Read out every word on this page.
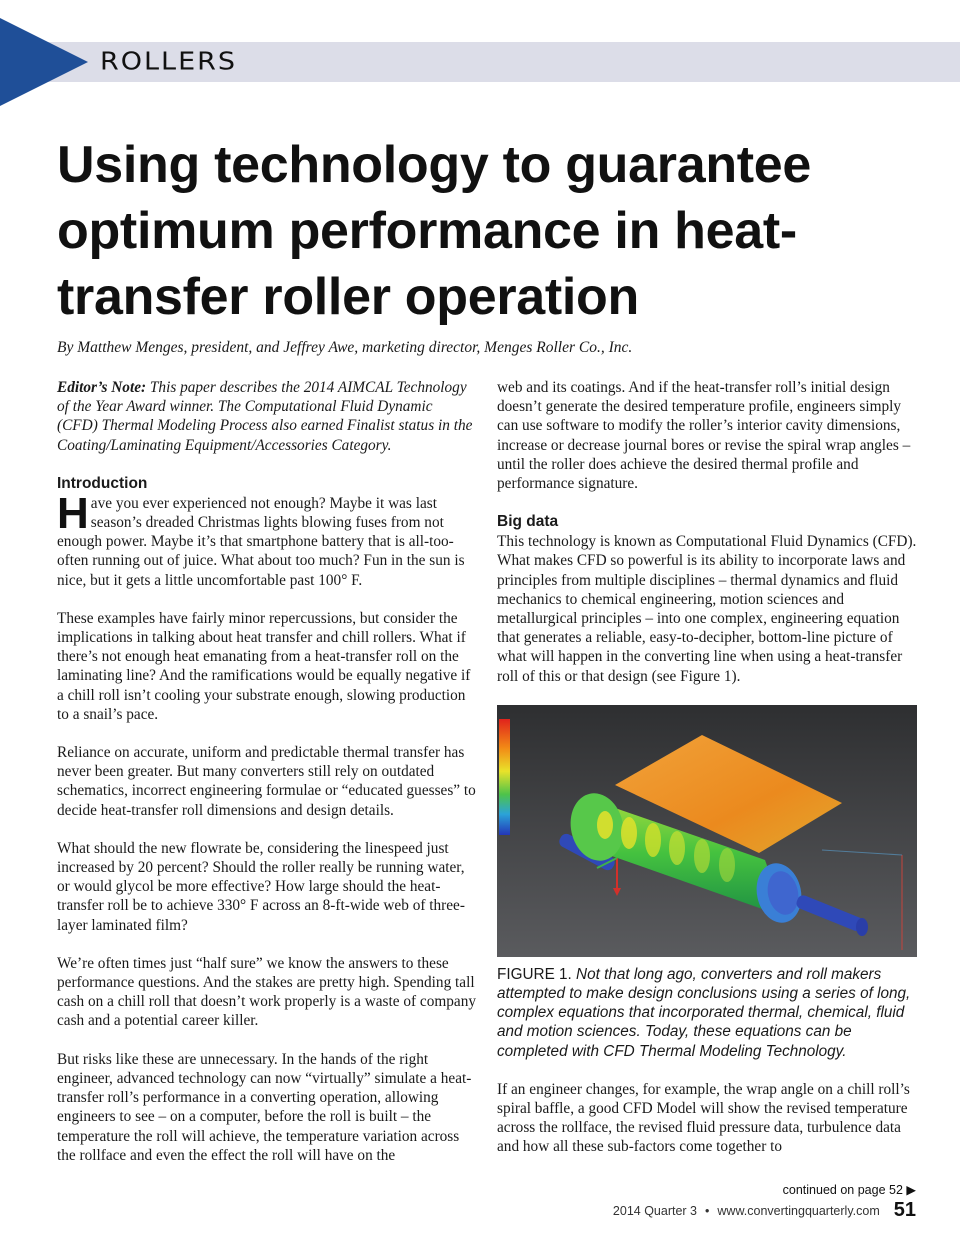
ROLLERS
Using technology to guarantee optimum performance in heat-transfer roller operation

By Matthew Menges, president, and Jeffrey Awe, marketing director, Menges Roller Co., Inc.

Editor’s Note: This paper describes the 2014 AIMCAL Technology of the Year Award winner. The Computational Fluid Dynamic (CFD) Thermal Modeling Process also earned Finalist status in the Coating/Laminating Equipment/Accessories Category.

Introduction

Have you ever experienced not enough? Maybe it was last season’s dreaded Christmas lights blowing fuses from not enough power. Maybe it’s that smartphone battery that is all-too-often running out of juice. What about too much? Fun in the sun is nice, but it gets a little uncomfortable past 100° F.

These examples have fairly minor repercussions, but consider the implications in talking about heat transfer and chill rollers. What if there’s not enough heat emanating from a heat-transfer roll on the laminating line? And the ramifications would be equally negative if a chill roll isn’t cooling your substrate enough, slowing production to a snail’s pace.

Reliance on accurate, uniform and predictable thermal transfer has never been greater. But many converters still rely on outdated schematics, incorrect engineering formulae or “educated guesses” to decide heat-transfer roll dimensions and design details.

What should the new flowrate be, considering the linespeed just increased by 20 percent? Should the roller really be running water, or would glycol be more effective? How large should the heat-transfer roll be to achieve 330° F across an 8-ft-wide web of three-layer laminated film?

We’re often times just “half sure” we know the answers to these performance questions. And the stakes are pretty high. Spending tall cash on a chill roll that doesn’t work properly is a waste of company cash and a potential career killer.

But risks like these are unnecessary. In the hands of the right engineer, advanced technology can now “virtually” simulate a heat-transfer roll’s performance in a converting operation, allowing engineers to see – on a computer, before the roll is built – the temperature the roll will achieve, the temperature variation across the rollface and even the effect the roll will have on the

web and its coatings. And if the heat-transfer roll’s initial design doesn’t generate the desired temperature profile, engineers simply can use software to modify the roller’s interior cavity dimensions, increase or decrease journal bores or revise the spiral wrap angles – until the roller does achieve the desired thermal profile and performance signature.

Big data

This technology is known as Computational Fluid Dynamics (CFD). What makes CFD so powerful is its ability to incorporate laws and principles from multiple disciplines – thermal dynamics and fluid mechanics to chemical engineering, motion sciences and metallurgical principles – into one complex, engineering equation that generates a reliable, easy-to-decipher, bottom-line picture of what will happen in the converting line when using a heat-transfer roll of this or that design (see Figure 1).

FIGURE 1. Not that long ago, converters and roll makers attempted to make design conclusions using a series of long, complex equations that incorporated thermal, chemical, fluid and motion sciences. Today, these equations can be completed with CFD Thermal Modeling Technology.

If an engineer changes, for example, the wrap angle on a chill roll’s spiral baffle, a good CFD Model will show the revised temperature across the rollface, the revised fluid pressure data, turbulence data and how all these sub-factors come together to

continued on page 52 ▶
2014 Quarter 3 • www.convertingquarterly.com 51
